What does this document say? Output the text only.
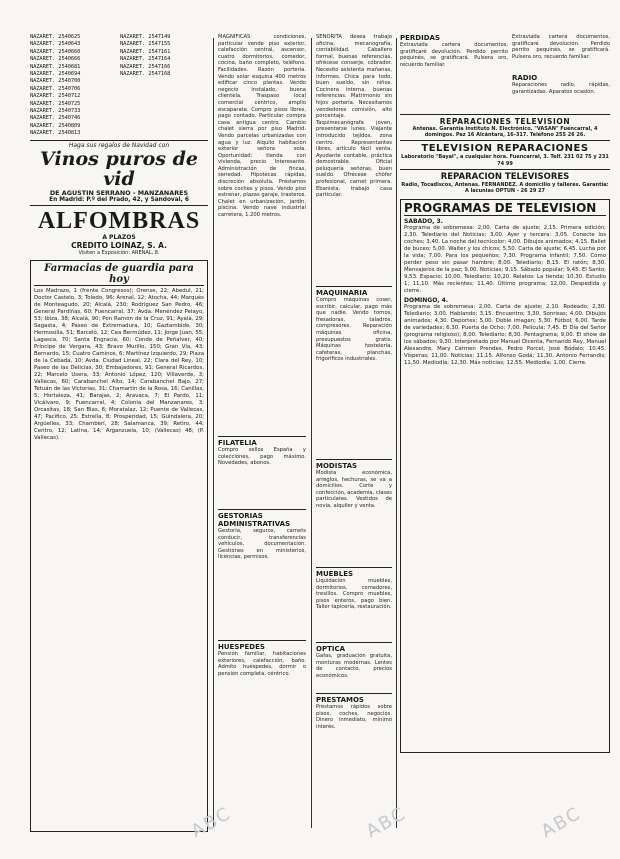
NAZARET. 2540625
NAZARET. 2540643
NAZARET. 2540660
NAZARET. 2540666
NAZARET. 2540681
NAZARET. 2540694
NAZARET. 2540700
NAZARET. 2540706
NAZARET. 2540712
NAZARET. 2540725
NAZARET. 2540733
NAZARET. 2540746
NAZARET. 2540809
NAZARET. 2540813
NAZARET. 2547149
NAZARET. 2547155
NAZARET. 2547161
NAZARET. 2547164
NAZARET. 2547166
NAZARET. 2547168
Haga sus regalos de Navidad con
Vinos puros de vid
DE AGUSTIN SERRANO - MANZANARES
En Madrid: P.º del Prado, 42, y Sandoval, 6
ALFOMBRAS
A PLAZOS
CREDITO LOINAZ, S. A.
Visiten a Exposición: ARENAL, 8.
Farmacias de guardia para hoy
Los Madrazo, 1 (frente Congresos); Orense, 22; Abedul, 21; Doctor Castelo, 3; Toledo, 96; Arenal, 12; Atocha, 44; Marqués de Monteagudo, 20; Alcalá, 230; Rodríguez San Pedro, 46; General Pardiñas, 60; Fuencarral, 37; Avda. Menéndez Pelayo, 53; Ibiza, 38; Alcalá, 90; Pon Ramón de la Cruz, 91; Ayala, 29; Sagasta, 4; Paseo de Extremadura, 10; Gaztambide, 30; Hermosilla, 51; Barceló, 12; Cea Bermúdez, 11; Jorge Juan, 55; Lagasca, 70; Santa Engracia, 60; Conde de Peñalver, 40; Príncipe de Vergara, 43; Bravo Murillo, 150; Gran Vía, 43; Bernardo, 15; Cuatro Caminos, 6; Martínez Izquierdo, 29; Plaza de la Cebada, 10; Avda. Ciudad Lineal, 22; Clara del Rey, 10; Paseo de las Delicias, 30; Embajadores, 91; General Ricardos, 22; Marcelo Usera, 33; Antonio López, 120; Villaverde, 3; Vallecas, 60; Carabanchel Alto, 14; Carabanchel Bajo, 27; Tetuán de las Victorias, 31; Chamartín de la Rosa, 16; Canillas, 5; Hortaleza, 41; Barajas, 2; Aravaca, 7; El Pardo, 11; Vicálvaro, 9; Fuencarral, 4; Colonia del Manzanares, 3; Orcasitas, 18; San Blas, 6; Moratalaz, 12; Puente de Vallecas, 47; Pacífico, 25; Estrella, 8; Prosperidad, 15; Guindalera, 20; Argüelles, 33; Chamberí, 28; Salamanca, 39; Retiro, 44; Centro, 12; Latina, 14; Arganzuela, 10; (Vallecas) 48; (P. Vallecas).
MAGNIFICAS condiciones, particular vende piso exterior, calefacción central, ascensor, cuatro dormitorios, comedor, cocina, baño completo, teléfono. Facilidades. Razón portería. Vendo solar esquina 400 metros edificar cinco plantas. Vendo negocio instalado, buena clientela. Traspaso local comercial céntrico, amplio escaparate. Compro pisos libres, pago contado. Particular compra casa antigua centro. Cambio chalet sierra por piso Madrid. Vendo parcelas urbanizadas con agua y luz. Alquilo habitación exterior señora sola. Oportunidad: tienda con vivienda, precio interesante. Administración de fincas, seriedad. Hipotecas rápidas, discreción absoluta. Préstamos sobre coches y pisos. Vendo piso estrenar, plazas garaje, trasteros. Chalet en urbanización, jardín, piscina. Vendo nave industrial carretera, 1.200 metros.
FILATELIA
Compro sellos España y colecciones, pago máximo. Novedades, abonos.
GESTORIAS ADMINISTRATIVAS
Gestoría, seguros, carnets conducir, transferencias vehículos, documentación. Gestiones en ministerios, licencias, permisos.
HUESPEDES
Pensión familiar, habitaciones exteriores, calefacción, baño. Admito huéspedes, dormir o pensión completa, céntrico.
SEÑORITA desea trabajo oficina, mecanografía, contabilidad. Caballero formal, buenas referencias, ofrécese conserje, cobrador. Necesito asistenta mañanas, informes. Chica para todo, buen sueldo, sin niños. Cocinera interna, buenas referencias. Matrimonio sin hijos portería. Necesitamos vendedores comisión, alto porcentaje. Taquimecanógrafa joven, presentarse lunes. Viajante introducido tejidos, zona centro. Representantes libres, artículo fácil venta. Ayudante contable, práctica demostrable. Oficial peluquería señoras, buen sueldo. Ofrécese chófer profesional, carnet primera. Ebanista, trabajo casa particular.
MAQUINARIA
Compro máquinas coser, escribir, calcular, pago más que nadie. Vendo tornos, fresadoras, taladros, compresores. Reparación máquinas oficina, presupuestos gratis. Máquinas hostelería, cafeteras, planchas, frigoríficos industriales.
MODISTAS
Modista económica, arreglos, hechuras, se va a domicilios. Corte y confección, academia, clases particulares. Vestidos de novia, alquiler y venta.
MUEBLES
Liquidación muebles, dormitorios, comedores, tresillos. Compro muebles, pisos enteros, pago bien. Taller tapicería, restauración.
OPTICA
Gafas, graduación gratuita, monturas modernas. Lentes de contacto, precios económicos.
PRESTAMOS
Préstamos rápidos sobre pisos, coches, negocios. Dinero inmediato, mínimo interés.
PERDIDAS
Extraviada cartera documentos, gratificaré devolución. Perdido perrito pequinés, se gratificará. Pulsera oro, recuerdo familiar.
Extraviada cartera documentos, gratificaré devolución. Perdido perrito pequinés, se gratificará. Pulsera oro, recuerdo familiar.
RADIO
Reparaciones radio, rápidas, garantizadas. Aparatos ocasión.
REPARACIONES TELEVISION
Antenas. Garantía Instituto N. Electrónico. "VASAN" Fuencarral, 4 domingos. Paz 16 Alcántara, 16-317. Teléfono 255 26 26.
TELEVISION REPARACIONES
Laboratorio "Bayal", a cualquier hora. Fuencarral, 3. Telf. 231 02 75 y 231 74 99
REPARACION TELEVISORES
Radio, Tocadiscos, Antenas. FERNANDEZ. A domicilio y talleres. Garantía: A lacunias OPTUN - 26 29 27
PROGRAMAS DE TELEVISION
SABADO, 3.
Programa de sobremesa: 2,00. Carta de ajuste; 2,15. Primera edición; 2,30. Telediario del Noticias; 3,00. Ayer y tercera: 3,05. Conecte los coches; 3,40. La noche del tecnicolor; 4,00. Dibujos animados; 4,15. Ballet de buceo; 5,00. Walter y los chicos; 5,50. Carta de ajuste; 6,45. Lucha por la vida; 7,00. Para los pequeños; 7,30. Programa infantil; 7,50. Cómo perder peso sin pasar hambre; 8,00. Telediario; 8,15. El ratón; 8,30. Mensajeros de la paz; 9,00. Noticias; 9,15. Sábado popular; 9,45. El Santo; 9,53. Espacio; 10,00. Telediario; 10,20. Relatos: La tienda; 10,30. Estudio 1; 11,10. Más recientes; 11,40. Último programa; 12,00. Despedida y cierre.
DOMINGO, 4.
Programa de sobremesa: 2,00. Carta de ajuste; 2,10. Rodeado; 2,30. Telediario; 3,00. Hablando; 3,15. Encuentro; 3,30. Sonrisas; 4,00. Dibujos animados; 4,30. Deportes; 5,00. Doble imagen; 5,30. Fútbol; 6,00. Tarde de variedades; 6,30. Puerta de Ocho; 7,00. Película; 7,45. El Día del Señor (programa religioso); 8,00. Telediario; 8,30. Pentagrama; 9,00. El show de los sábados; 9,30. Interpretado por Manuel Dicenta, Fernando Rey, Manuel Alexandre, Mary Carmen Prendes, Pedro Porcel, José Bódalo; 10,45. Vísperas; 11,00. Noticias; 11,15. Alfonso Godá; 11,30. Antonio Ferrandis; 11,50. Mediodía; 12,30. Más noticias; 12,55. Mediodía; 1,00. Cierre.
ABC	ABC	ABC
